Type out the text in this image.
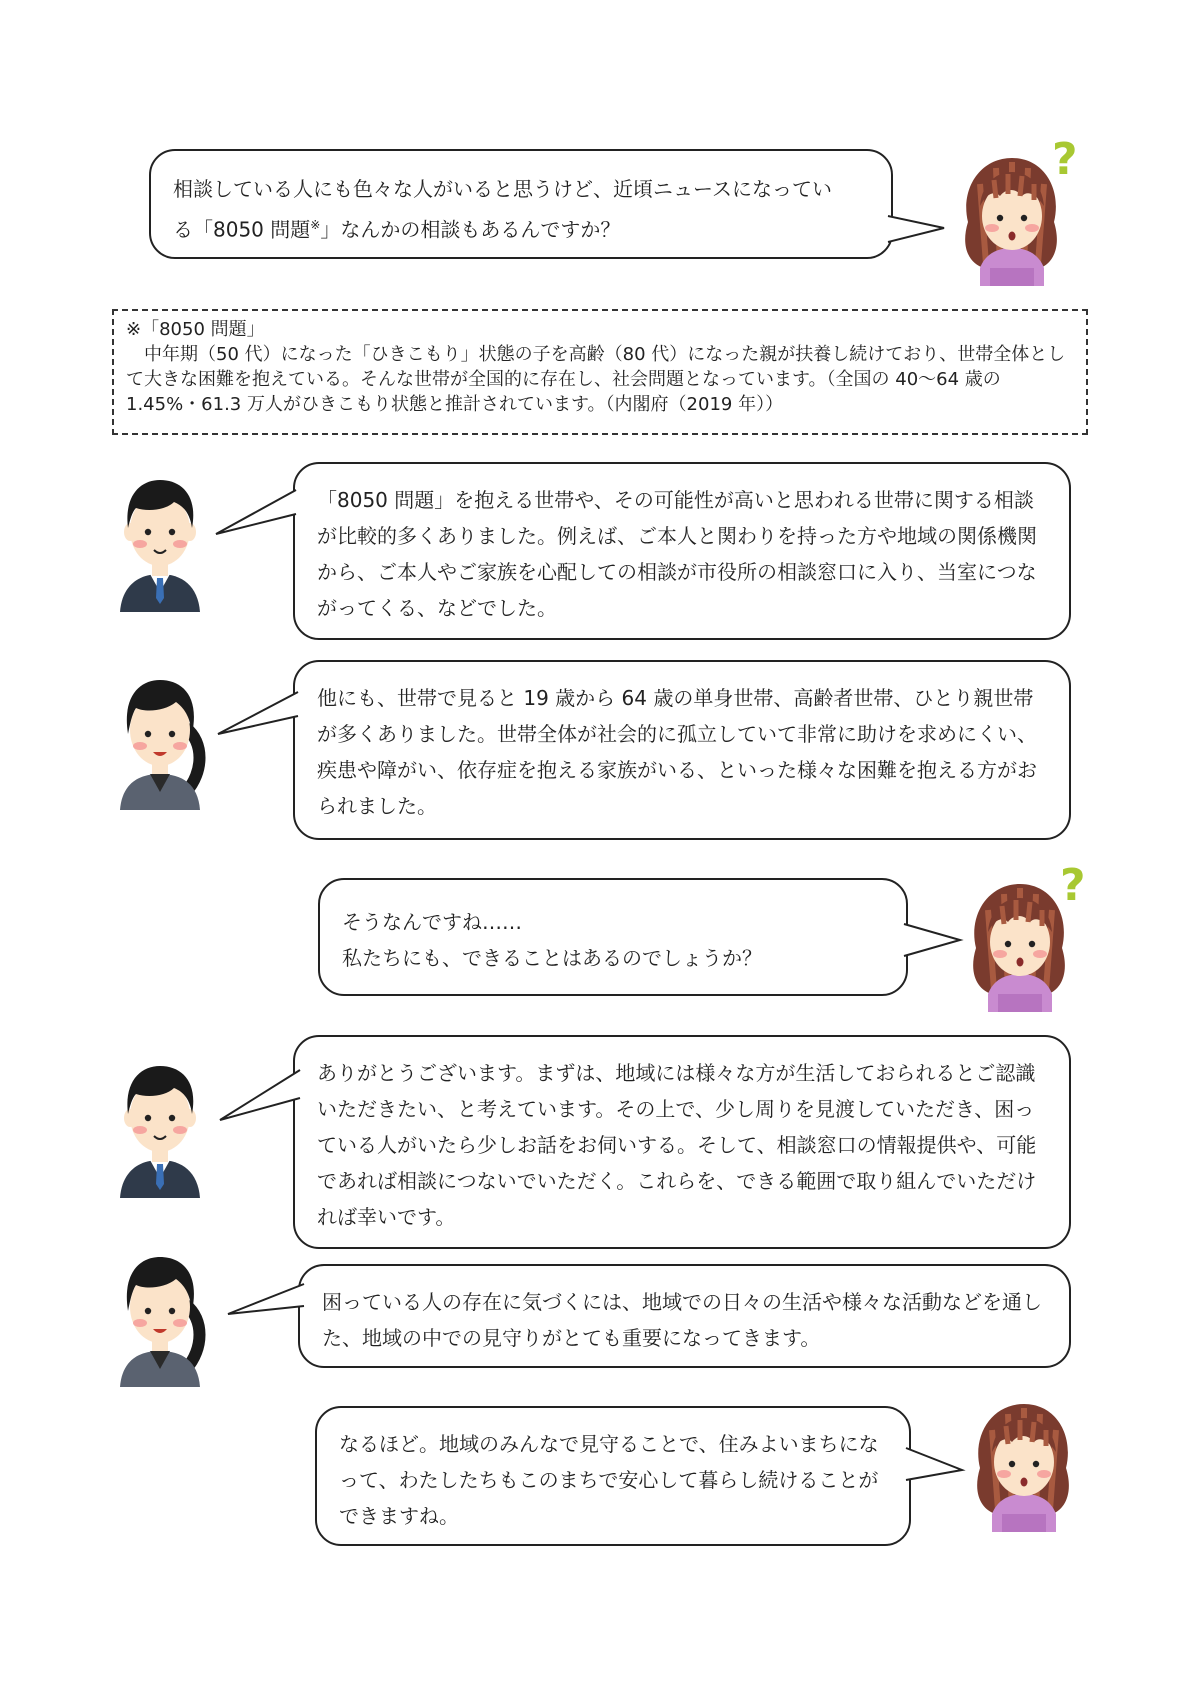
相談している人にも色々な人がいると思うけど、近頃ニュースになってい

る「8050 問題※」なんかの相談もあるんですか？

?

※「8050 問題」

　中年期（50 代）になった「ひきこもり」状態の子を高齢（80 代）になった親が扶養し続けており、世帯全体として大きな困難を抱えている。そんな世帯が全国的に存在し、社会問題となっています。（全国の 40～64 歳の 1.45%・61.3 万人がひきこもり状態と推計されています。（内閣府（2019 年））

「8050 問題」を抱える世帯や、その可能性が高いと思われる世帯に関する相談が比較的多くありました。例えば、ご本人と関わりを持った方や地域の関係機関から、ご本人やご家族を心配しての相談が市役所の相談窓口に入り、当室につながってくる、などでした。

他にも、世帯で見ると 19 歳から 64 歳の単身世帯、高齢者世帯、ひとり親世帯が多くありました。世帯全体が社会的に孤立していて非常に助けを求めにくい、疾患や障がい、依存症を抱える家族がいる、といった様々な困難を抱える方がおられました。

そうなんですね……

私たちにも、できることはあるのでしょうか？

?

ありがとうございます。まずは、地域には様々な方が生活しておられるとご認識いただきたい、と考えています。その上で、少し周りを見渡していただき、困っている人がいたら少しお話をお伺いする。そして、相談窓口の情報提供や、可能であれば相談につないでいただく。これらを、できる範囲で取り組んでいただければ幸いです。

困っている人の存在に気づくには、地域での日々の生活や様々な活動などを通した、地域の中での見守りがとても重要になってきます。

なるほど。地域のみんなで見守ることで、住みよいまちになって、わたしたちもこのまちで安心して暮らし続けることができますね。
